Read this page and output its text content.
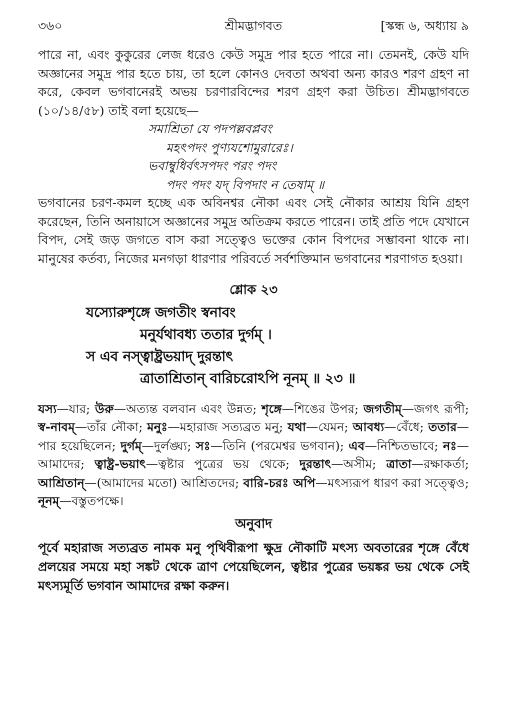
৩৬০	শ্রীমদ্ভাগবত	[স্কন্ধ ৬, অধ্যায় ৯

পারে না, এবং কুকুরের লেজ ধরেও কেউ সমুদ্র পার হতে পারে না। তেমনই, কেউ যদি অজ্ঞানের সমুদ্র পার হতে চায়, তা হলে কোনও দেবতা অথবা অন্য কারও শরণ গ্রহণ না করে, কেবল ভগবানেরই অভয় চরণারবিন্দের শরণ গ্রহণ করা উচিত। শ্রীমদ্ভাগবতে (১০/১৪/৫৮) তাই বলা হয়েছে—

সমাশ্রিতা যে পদপল্লবপ্লবং
মহৎপদং পুণ্যযশোমুরারেঃ।
ভবাম্বুধির্বৎসপদং পরং পদং
পদং পদং যদ্ বিপদাং ন তেষাম্ ॥

ভগবানের চরণ-কমল হচ্ছে এক অবিনশ্বর নৌকা এবং সেই নৌকার আশ্রয় যিনি গ্রহণ করেছেন, তিনি অনায়াসে অজ্ঞানের সমুদ্র অতিক্রম করতে পারেন। তাই প্রতি পদে যেখানে বিপদ, সেই জড় জগতে বাস করা সত্ত্বেও ভক্তের কোন বিপদের সম্ভাবনা থাকে না। মানুষের কর্তব্য, নিজের মনগড়া ধারণার পরিবর্তে সর্বশক্তিমান ভগবানের শরণাগত হওয়া।

শ্লোক ২৩
যস্যোরুশৃঙ্গে জগতীং স্বনাবং
মনুর্যথাবধ্য ততার দুর্গম্ ।
স এব নস্ত্বাষ্ট্রভয়াদ্ দুরন্তাৎ
ত্রাতাশ্রিতান্ বারিচরোঽপি নূনম্ ॥ ২৩ ॥

যস্য—যার; উরু—অত্যন্ত বলবান এবং উন্নত; শৃঙ্গে—শিঙের উপর; জগতীম্—জগৎ রূপী; স্ব-নাবম্—তাঁর নৌকা; মনুঃ—মহারাজ সত্যব্রত মনু; যথা—যেমন; আবধ্য—বেঁধে; ততার—পার হয়েছিলেন; দুর্গম্—দুর্লঙ্ঘ্য; সঃ—তিনি (পরমেশ্বর ভগবান); এব—নিশ্চিতভাবে; নঃ—আমাদের; ত্বাষ্ট্র-ভয়াৎ—ত্বষ্টার পুত্রের ভয় থেকে; দুরন্তাৎ—অসীম; ত্রাতা—রক্ষাকর্তা; আশ্রিতান্—(আমাদের মতো) আশ্রিতদের; বারি-চরঃ অপি—মৎস্যরূপ ধারণ করা সত্ত্বেও; নূনম্—বস্তুতপক্ষে।

অনুবাদ

পূর্বে মহারাজ সত্যব্রত নামক মনু পৃথিবীরূপা ক্ষুদ্র নৌকাটি মৎস্য অবতারের শৃঙ্গে বেঁধে প্রলয়ের সময়ে মহা সঙ্কট থেকে ত্রাণ পেয়েছিলেন, ত্বষ্টার পুত্রের ভয়ঙ্কর ভয় থেকে সেই মৎস্যমূর্তি ভগবান আমাদের রক্ষা করুন।
